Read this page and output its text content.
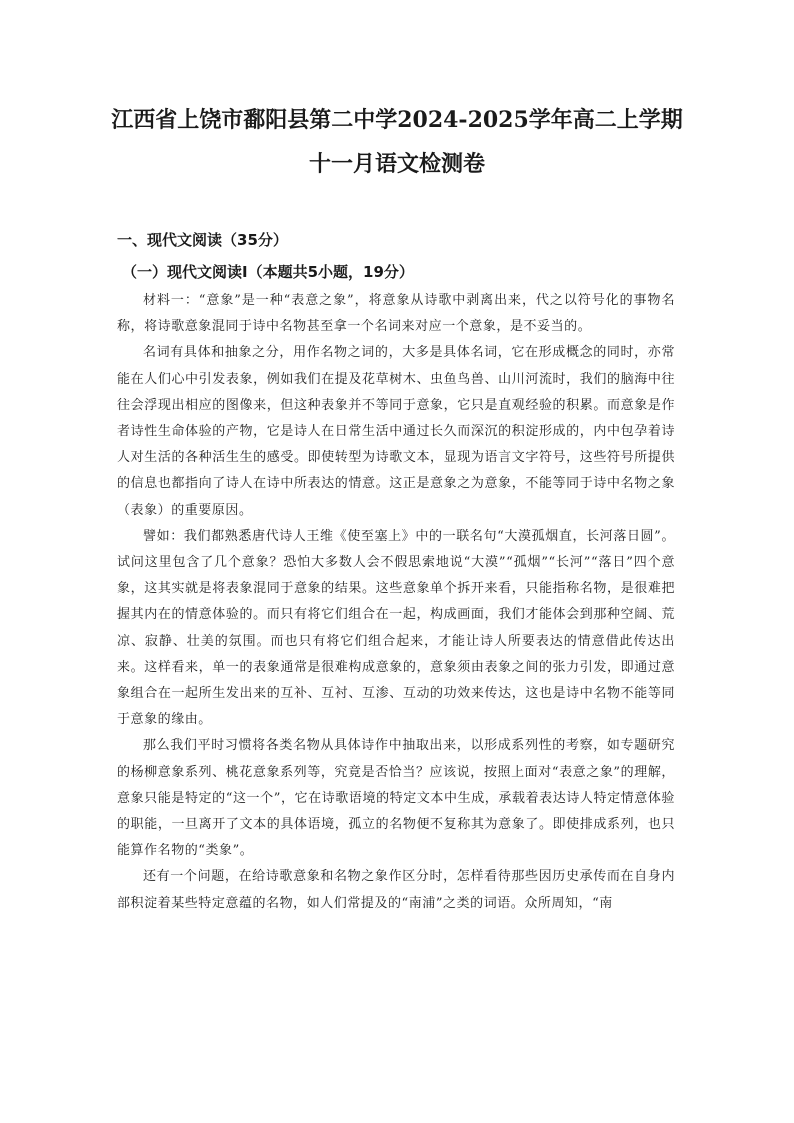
江西省上饶市鄱阳县第二中学2024-2025学年高二上学期
十一月语文检测卷
一、现代文阅读（35分）
（一）现代文阅读Ⅰ（本题共5小题，19分）

材料一：“意象”是一种“表意之象”，将意象从诗歌中剥离出来，代之以符号化的事物名称，将诗歌意象混同于诗中名物甚至拿一个名词来对应一个意象，是不妥当的。

名词有具体和抽象之分，用作名物之词的，大多是具体名词，它在形成概念的同时，亦常能在人们心中引发表象，例如我们在提及花草树木、虫鱼鸟兽、山川河流时，我们的脑海中往往会浮现出相应的图像来，但这种表象并不等同于意象，它只是直观经验的积累。而意象是作者诗性生命体验的产物，它是诗人在日常生活中通过长久而深沉的积淀形成的，内中包孕着诗人对生活的各种活生生的感受。即使转型为诗歌文本，显现为语言文字符号，这些符号所提供的信息也都指向了诗人在诗中所表达的情意。这正是意象之为意象，不能等同于诗中名物之象（表象）的重要原因。

譬如：我们都熟悉唐代诗人王维《使至塞上》中的一联名句“大漠孤烟直，长河落日圆”。试问这里包含了几个意象？恐怕大多数人会不假思索地说“大漠”“孤烟”“长河”“落日”四个意象，这其实就是将表象混同于意象的结果。这些意象单个拆开来看，只能指称名物，是很难把握其内在的情意体验的。而只有将它们组合在一起，构成画面，我们才能体会到那种空阔、荒凉、寂静、壮美的氛围。而也只有将它们组合起来，才能让诗人所要表达的情意借此传达出来。这样看来，单一的表象通常是很难构成意象的，意象须由表象之间的张力引发，即通过意象组合在一起所生发出来的互补、互衬、互渗、互动的功效来传达，这也是诗中名物不能等同于意象的缘由。

那么我们平时习惯将各类名物从具体诗作中抽取出来，以形成系列性的考察，如专题研究的杨柳意象系列、桃花意象系列等，究竟是否恰当？应该说，按照上面对“表意之象”的理解，意象只能是特定的“这一个”，它在诗歌语境的特定文本中生成，承载着表达诗人特定情意体验的职能，一旦离开了文本的具体语境，孤立的名物便不复称其为意象了。即使排成系列，也只能算作名物的“类象”。

还有一个问题，在给诗歌意象和名物之象作区分时，怎样看待那些因历史承传而在自身内部积淀着某些特定意蕴的名物，如人们常提及的“南浦”之类的词语。众所周知，“南
